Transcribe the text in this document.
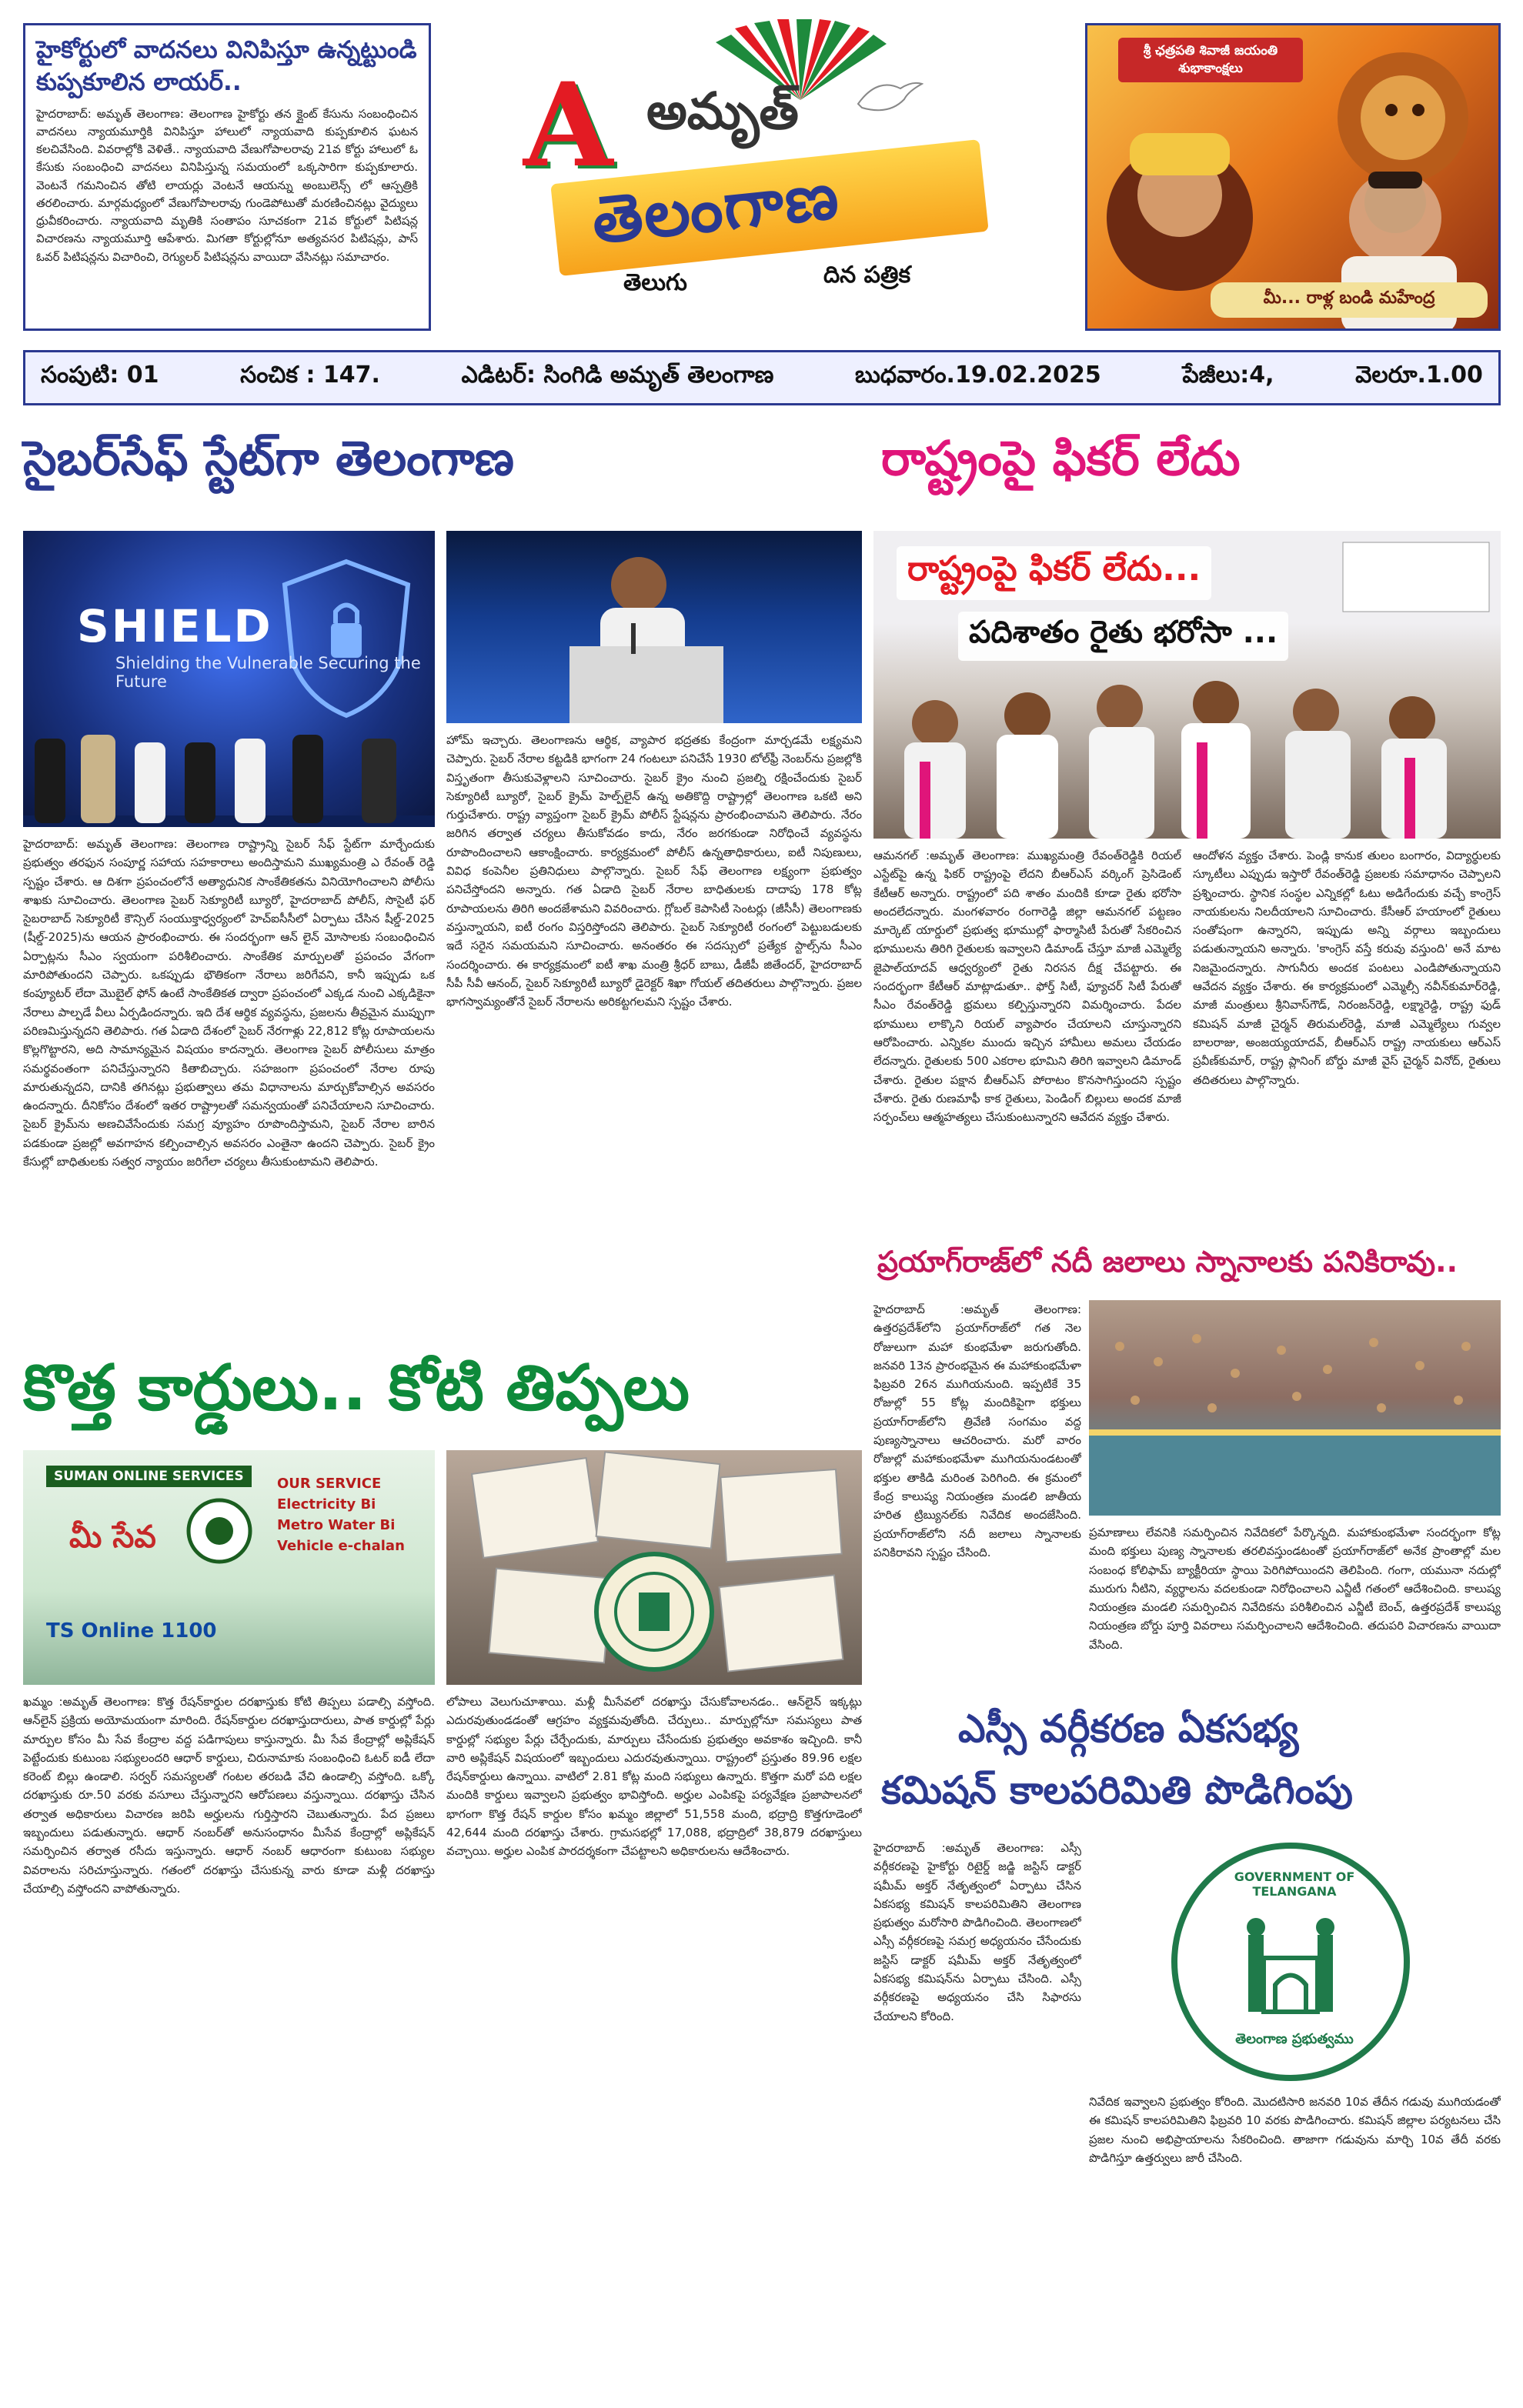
హైకోర్టులో వాదనలు వినిపిస్తూ ఉన్నట్టుండి కుప్పకూలిన లాయర్..
హైదరాబాద్: అమృత్ తెలంగాణ: తెలంగాణ హైకోర్టు తన క్లైంట్ కేసును సంబంధించిన వాదనలు న్యాయమూర్తికి వినిపిస్తూ హాలులో న్యాయవాది కుప్పకూలిన ఘటన కలచివేసింది. వివరాల్లోకి వెళితే.. న్యాయవాది వేణుగోపాలరావు 21వ కోర్టు హాలులో ఓ కేసుకు సంబంధించి వాదనలు వినిపిస్తున్న సమయంలో ఒక్కసారిగా కుప్పకూలారు. వెంటనే గమనించిన తోటి లాయర్లు వెంటనే ఆయన్ను అంబులెన్స్ లో ఆస్పత్రికి తరలించారు. మార్గమధ్యంలో వేణుగోపాలరావు గుండెపోటుతో మరణించినట్లు వైద్యులు ధ్రువీకరించారు. న్యాయవాది మృతికి సంతాపం సూచకంగా 21వ కోర్టులో పిటిషన్ల విచారణను న్యాయమూర్తి ఆపేశారు. మిగతా కోర్టుల్లోనూ అత్యవసర పిటిషన్లు, పాస్ ఓవర్ పిటిషన్లను విచారించి, రెగ్యులర్ పిటిషన్లను వాయిదా వేసినట్లు సమాచారం.
A అమృత్
తెలంగాణ
తెలుగు	దిన పత్రిక
శ్రీ ఛత్రపతి శివాజీ జయంతి శుభాకాంక్షలు
మీ... రాళ్ల బండి మహేంద్ర
సంపుటి: 01	సంచిక : 147.	ఎడిటర్: సింగిడి అమృత్ తెలంగాణ	బుధవారం.19.02.2025	పేజీలు:4,	వెలరూ.1.00
సైబర్‌సేఫ్ స్టేట్‌గా తెలంగాణ
SHIELD
Shielding the Vulnerable Securing the Future
హైదరాబాద్: అమృత్ తెలంగాణ: తెలంగాణ రాష్ట్రాన్ని సైబర్ సేఫ్ స్టేట్‌గా మార్చేందుకు ప్రభుత్వం తరఫున సంపూర్ణ సహాయ సహకారాలు అందిస్తామని ముఖ్యమంత్రి ఎ రేవంత్ రెడ్డి స్పష్టం చేశారు. ఆ దిశగా ప్రపంచంలోనే అత్యాధునిక సాంకేతికతను వినియోగించాలని పోలీసు శాఖకు సూచించారు. తెలంగాణ సైబర్ సెక్యూరిటీ బ్యూరో, హైదరాబాద్ పోలీస్, సొసైటీ ఫర్ సైబరాబాద్ సెక్యూరిటీ కౌన్సిల్ సంయుక్తాధ్వర్యంలో హెచ్ఐసీసీలో ఏర్పాటు చేసిన షీల్డ్-2025 (షీల్డ్-2025)ను ఆయన ప్రారంభించారు. ఈ సందర్భంగా ఆన్ లైన్ మోసాలకు సంబంధించిన ఏర్పాట్లను సీఎం స్వయంగా పరిశీలించారు. సాంకేతిక మార్పులతో ప్రపంచం వేగంగా మారిపోతుందని చెప్పారు. ఒకప్పుడు భౌతికంగా నేరాలు జరిగేవని, కానీ ఇప్పుడు ఒక కంప్యూటర్ లేదా మొబైల్ ఫోన్ ఉంటే సాంకేతికత ద్వారా ప్రపంచంలో ఎక్కడ నుంచి ఎక్కడికైనా నేరాలు పాల్పడే వీలు ఏర్పడిందన్నారు. ఇది దేశ ఆర్థిక వ్యవస్థను, ప్రజలను తీవ్రమైన ముప్పుగా పరిణమిస్తున్నదని తెలిపారు. గత ఏడాది దేశంలో సైబర్ నేరగాళ్లు 22,812 కోట్ల రూపాయలను కొల్లగొట్టారని, అది సామాన్యమైన విషయం కాదన్నారు. తెలంగాణ సైబర్ పోలీసులు మాత్రం సమర్థవంతంగా పనిచేస్తున్నారని కితాబిచ్చారు. సహజంగా ప్రపంచంలో నేరాల రూపు మారుతున్నదని, దానికి తగినట్లు ప్రభుత్వాలు తమ విధానాలను మార్చుకోవాల్సిన అవసరం ఉందన్నారు. దీనికోసం దేశంలో ఇతర రాష్ట్రాలతో సమన్వయంతో పనిచేయాలని సూచించారు. సైబర్ క్రైమ్‌ను అణచివేసేందుకు సమగ్ర వ్యూహం రూపొందిస్తామని, సైబర్ నేరాల బారిన పడకుండా ప్రజల్లో అవగాహన కల్పించాల్సిన అవసరం ఎంతైనా ఉందని చెప్పారు. సైబర్ క్రైం కేసుల్లో బాధితులకు సత్వర న్యాయం జరిగేలా చర్యలు తీసుకుంటామని తెలిపారు.
హోమ్ ఇచ్చారు. తెలంగాణను ఆర్థిక, వ్యాపార భద్రతకు కేంద్రంగా మార్చడమే లక్ష్యమని చెప్పారు. సైబర్ నేరాల కట్టడికి భాగంగా 24 గంటలూ పనిచేసే 1930 టోల్‌ఫ్రీ నెంబర్‌ను ప్రజల్లోకి విస్తృతంగా తీసుకువెళ్లాలని సూచించారు. సైబర్ క్రైం నుంచి ప్రజల్ని రక్షించేందుకు సైబర్ సెక్యూరిటీ బ్యూరో, సైబర్ క్రైమ్ హెల్ప్‌లైన్ ఉన్న అతికొద్ది రాష్ట్రాల్లో తెలంగాణ ఒకటి అని గుర్తుచేశారు. రాష్ట్ర వ్యాప్తంగా సైబర్ క్రైమ్ పోలీస్ స్టేషన్లను ప్రారంభించామని తెలిపారు. నేరం జరిగిన తర్వాత చర్యలు తీసుకోవడం కాదు, నేరం జరగకుండా నిరోధించే వ్యవస్థను రూపొందించాలని ఆకాంక్షించారు. కార్యక్రమంలో పోలీస్ ఉన్నతాధికారులు, ఐటీ నిపుణులు, వివిధ కంపెనీల ప్రతినిధులు పాల్గొన్నారు. సైబర్ సేఫ్ తెలంగాణ లక్ష్యంగా ప్రభుత్వం పనిచేస్తోందని అన్నారు. గత ఏడాది సైబర్ నేరాల బాధితులకు దాదాపు 178 కోట్ల రూపాయలను తిరిగి అందజేశామని వివరించారు. గ్లోబల్ కెపాసిటీ సెంటర్లు (జీసీసీ) తెలంగాణకు వస్తున్నాయని, ఐటీ రంగం విస్తరిస్తోందని తెలిపారు. సైబర్ సెక్యూరిటీ రంగంలో పెట్టుబడులకు ఇదే సరైన సమయమని సూచించారు. అనంతరం ఈ సదస్సులో ప్రత్యేక స్టాల్స్‌ను సీఎం సందర్శించారు. ఈ కార్యక్రమంలో ఐటీ శాఖ మంత్రి శ్రీధర్ బాబు, డీజీపీ జితేందర్, హైదరాబాద్ సీపీ సీవీ ఆనంద్, సైబర్ సెక్యూరిటీ బ్యూరో డైరెక్టర్ శిఖా గోయల్ తదితరులు పాల్గొన్నారు. ప్రజల భాగస్వామ్యంతోనే సైబర్ నేరాలను అరికట్టగలమని స్పష్టం చేశారు.
రాష్ట్రంపై ఫికర్ లేదు
రాష్ట్రంపై ఫికర్ లేదు...
పదిశాతం రైతు భరోసా ...
ఆమనగల్ :అమృత్ తెలంగాణ: ముఖ్యమంత్రి రేవంత్‌రెడ్డికి రియల్ ఎస్టేట్‌పై ఉన్న ఫికర్ రాష్ట్రంపై లేదని బీఆర్ఎస్ వర్కింగ్ ప్రెసిడెంట్ కేటీఆర్ అన్నారు. రాష్ట్రంలో పది శాతం మందికి కూడా రైతు భరోసా అందలేదన్నారు. మంగళవారం రంగారెడ్డి జిల్లా ఆమనగల్ పట్టణం మార్కెట్ యార్డులో ప్రభుత్వ భూముల్లో ఫార్మాసిటీ పేరుతో సేకరించిన భూములను తిరిగి రైతులకు ఇవ్వాలని డిమాండ్ చేస్తూ మాజీ ఎమ్మెల్యే జైపాల్‌యాదవ్ ఆధ్వర్యంలో రైతు నిరసన దీక్ష చేపట్టారు. ఈ సందర్భంగా కేటీఆర్ మాట్లాడుతూ.. ఫోర్త్ సిటీ, ఫ్యూచర్ సిటీ పేరుతో సీఎం రేవంత్‌రెడ్డి భ్రమలు కల్పిస్తున్నారని విమర్శించారు. పేదల భూములు లాక్కొని రియల్ వ్యాపారం చేయాలని చూస్తున్నారని ఆరోపించారు. ఎన్నికల ముందు ఇచ్చిన హామీలు అమలు చేయడం లేదన్నారు. రైతులకు 500 ఎకరాల భూమిని తిరిగి ఇవ్వాలని డిమాండ్ చేశారు. రైతుల పక్షాన బీఆర్ఎస్ పోరాటం కొనసాగిస్తుందని స్పష్టం చేశారు. రైతు రుణమాఫీ కాక రైతులు, పెండింగ్ బిల్లులు అందక మాజీ సర్పంచ్‌లు ఆత్మహత్యలు చేసుకుంటున్నారని ఆవేదన వ్యక్తం చేశారు.
ఆందోళన వ్యక్తం చేశారు. పెండ్లి కానుక తులం బంగారం, విద్యార్థులకు స్కూటీలు ఎప్పుడు ఇస్తారో రేవంత్‌రెడ్డి ప్రజలకు సమాధానం చెప్పాలని ప్రశ్నించారు. స్థానిక సంస్థల ఎన్నికల్లో ఓటు అడిగేందుకు వచ్చే కాంగ్రెస్ నాయకులను నిలదీయాలని సూచించారు. కేసీఆర్ హయాంలో రైతులు సంతోషంగా ఉన్నారని, ఇప్పుడు అన్ని వర్గాలు ఇబ్బందులు పడుతున్నాయని అన్నారు. 'కాంగ్రెస్ వస్తే కరువు వస్తుంది' అనే మాట నిజమైందన్నారు. సాగునీరు అందక పంటలు ఎండిపోతున్నాయని ఆవేదన వ్యక్తం చేశారు. ఈ కార్యక్రమంలో ఎమ్మెల్సీ నవీన్‌కుమార్‌రెడ్డి, మాజీ మంత్రులు శ్రీనివాస్‌గౌడ్, నిరంజన్‌రెడ్డి, లక్ష్మారెడ్డి, రాష్ట్ర ఫుడ్ కమిషన్ మాజీ చైర్మన్ తిరుమల్‌రెడ్డి, మాజీ ఎమ్మెల్యేలు గువ్వల బాలరాజు, అంజయ్యయాదవ్, బీఆర్ఎస్ రాష్ట్ర నాయకులు ఆర్ఎస్ ప్రవీణ్‌కుమార్, రాష్ట్ర ప్లానింగ్ బోర్డు మాజీ వైస్ చైర్మన్ వినోద్, రైతులు తదితరులు పాల్గొన్నారు.
ప్రయాగ్‌రాజ్‌లో నదీ జలాలు స్నానాలకు పనికిరావు..
హైదరాబాద్ :అమృత్ తెలంగాణ: ఉత్తరప్రదేశ్‌లోని ప్రయాగ్‌రాజ్‌లో గత నెల రోజులుగా మహా కుంభమేళా జరుగుతోంది. జనవరి 13న ప్రారంభమైన ఈ మహాకుంభమేళా ఫిబ్రవరి 26న ముగియనుంది. ఇప్పటికే 35 రోజుల్లో 55 కోట్ల మందికిపైగా భక్తులు ప్రయాగ్‌రాజ్‌లోని త్రివేణి సంగమం వద్ద పుణ్యస్నానాలు ఆచరించారు. మరో వారం రోజుల్లో మహాకుంభమేళా ముగియనుండటంతో భక్తుల తాకిడి మరింత పెరిగింది. ఈ క్రమంలో కేంద్ర కాలుష్య నియంత్రణ మండలి జాతీయ హరిత ట్రిబ్యునల్‌కు నివేదిక అందజేసింది. ప్రయాగ్‌రాజ్‌లోని నదీ జలాలు స్నానాలకు పనికిరావని స్పష్టం చేసింది.
ప్రమాణాలు లేవనికి సమర్పించిన నివేదికలో పేర్కొన్నది. మహాకుంభమేళా సందర్భంగా కోట్ల మంది భక్తులు పుణ్య స్నానాలకు తరలివస్తుండటంతో ప్రయాగ్‌రాజ్‌లో అనేక ప్రాంతాల్లో మల సంబంధ కోలిఫామ్ బ్యాక్టీరియా స్థాయి పెరిగిపోయిందని తెలిపింది. గంగా, యమునా నదుల్లో మురుగు నీటిని, వ్యర్థాలను వదలకుండా నిరోధించాలని ఎన్జీటీ గతంలో ఆదేశించింది. కాలుష్య నియంత్రణ మండలి సమర్పించిన నివేదికను పరిశీలించిన ఎన్జీటీ బెంచ్, ఉత్తరప్రదేశ్ కాలుష్య నియంత్రణ బోర్డు పూర్తి వివరాలు సమర్పించాలని ఆదేశించింది. తదుపరి విచారణను వాయిదా వేసింది.
కొత్త కార్డులు.. కోటి తిప్పలు
SUMAN ONLINE SERVICES	OUR SERVICE
Electricity Bi
Metro Water Bi
Vehicle e-chalan
మీ సేవ
TS Online 1100
ఖమ్మం :అమృత్ తెలంగాణ: కొత్త రేషన్‌కార్డుల దరఖాస్తుకు కోటి తిప్పలు పడాల్సి వస్తోంది. ఆన్‌లైన్ ప్రక్రియ అయోమయంగా మారింది. రేషన్‌కార్డుల దరఖాస్తుదారులు, పాత కార్డుల్లో పేర్లు మార్పుల కోసం మీ సేవ కేంద్రాల వద్ద పడిగాపులు కాస్తున్నారు. మీ సేవ కేంద్రాల్లో అప్లికేషన్ పెట్టేందుకు కుటుంబ సభ్యులందరి ఆధార్ కార్డులు, చిరునామాకు సంబంధించి ఓటర్ ఐడీ లేదా కరెంట్ బిల్లు ఉండాలి. సర్వర్ సమస్యలతో గంటల తరబడి వేచి ఉండాల్సి వస్తోంది. ఒక్కో దరఖాస్తుకు రూ.50 వరకు వసూలు చేస్తున్నారని ఆరోపణలు వస్తున్నాయి. దరఖాస్తు చేసిన తర్వాత అధికారులు విచారణ జరిపి అర్హులను గుర్తిస్తారని చెబుతున్నారు. పేద ప్రజలు ఇబ్బందులు పడుతున్నారు. ఆధార్ నంబర్‌తో అనుసంధానం మీసేవ కేంద్రాల్లో అప్లికేషన్ సమర్పించిన తర్వాత రసీదు ఇస్తున్నారు. ఆధార్ నంబర్ ఆధారంగా కుటుంబ సభ్యుల వివరాలను సరిచూస్తున్నారు. గతంలో దరఖాస్తు చేసుకున్న వారు కూడా మళ్లీ దరఖాస్తు చేయాల్సి వస్తోందని వాపోతున్నారు.
లోపాలు వెలుగుచూశాయి. మళ్లీ మీసేవలో దరఖాస్తు చేసుకోవాలనడం.. ఆన్‌లైన్ ఇక్కట్లు ఎదురవుతుండడంతో ఆగ్రహం వ్యక్తమవుతోంది. చేర్పులు.. మార్పుల్లోనూ సమస్యలు పాత కార్డుల్లో సభ్యుల పేర్లు చేర్చేందుకు, మార్పులు చేసేందుకు ప్రభుత్వం అవకాశం ఇచ్చింది. కానీ వారి అప్లికేషన్ విషయంలో ఇబ్బందులు ఎదురవుతున్నాయి. రాష్ట్రంలో ప్రస్తుతం 89.96 లక్షల రేషన్‌కార్డులు ఉన్నాయి. వాటిలో 2.81 కోట్ల మంది సభ్యులు ఉన్నారు. కొత్తగా మరో పది లక్షల మందికి కార్డులు ఇవ్వాలని ప్రభుత్వం భావిస్తోంది. అర్హుల ఎంపికపై పర్యవేక్షణ ప్రజాపాలనలో భాగంగా కొత్త రేషన్ కార్డుల కోసం ఖమ్మం జిల్లాలో 51,558 మంది, భద్రాద్రి కొత్తగూడెంలో 42,644 మంది దరఖాస్తు చేశారు. గ్రామసభల్లో 17,088, భద్రాద్రిలో 38,879 దరఖాస్తులు వచ్చాయి. అర్హుల ఎంపిక పారదర్శకంగా చేపట్టాలని అధికారులను ఆదేశించారు.
ఎస్సీ వర్గీకరణ ఏకసభ్య
కమిషన్ కాలపరిమితి పొడిగింపు
హైదరాబాద్ :అమృత్ తెలంగాణ: ఎస్సీ వర్గీకరణపై హైకోర్టు రిటైర్డ్ జడ్జి జస్టిస్ డాక్టర్ షమీమ్ అక్తర్ నేతృత్వంలో ఏర్పాటు చేసిన ఏకసభ్య కమిషన్ కాలపరిమితిని తెలంగాణ ప్రభుత్వం మరోసారి పొడిగించింది. తెలంగాణలో ఎస్సీ వర్గీకరణపై సమగ్ర అధ్యయనం చేసేందుకు జస్టిస్ డాక్టర్ షమీమ్ అక్తర్ నేతృత్వంలో ఏకసభ్య కమిషన్‌ను ఏర్పాటు చేసింది. ఎస్సీ వర్గీకరణపై అధ్యయనం చేసి సిఫారసు చేయాలని కోరింది.
GOVERNMENT OF TELANGANA
తెలంగాణ ప్రభుత్వము
నివేదిక ఇవ్వాలని ప్రభుత్వం కోరింది. మొదటిసారి జనవరి 10వ తేదీన గడువు ముగియడంతో ఈ కమిషన్ కాలపరిమితిని ఫిబ్రవరి 10 వరకు పొడిగించారు. కమిషన్ జిల్లాల పర్యటనలు చేసి ప్రజల నుంచి అభిప్రాయాలను సేకరించింది. తాజాగా గడువును మార్చి 10వ తేదీ వరకు పొడిగిస్తూ ఉత్తర్వులు జారీ చేసింది.
